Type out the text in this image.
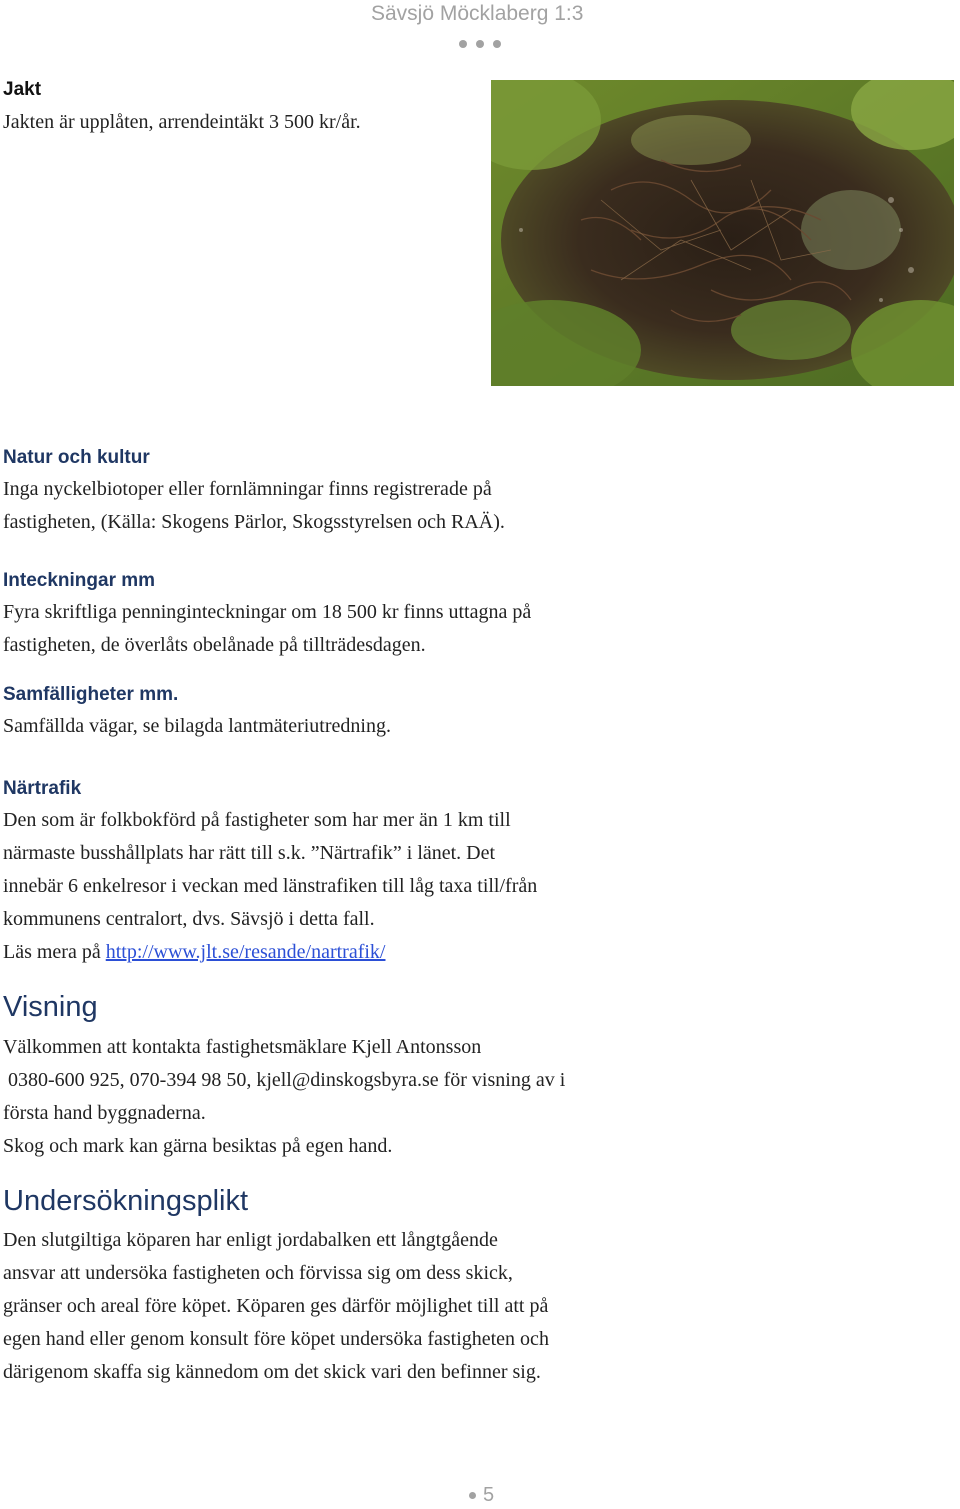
Sävsjö Möcklaberg 1:3
Jakt

Jakten är upplåten, arrendeintäkt 3 500 kr/år.

Natur och kultur

Inga nyckelbiotoper eller fornlämningar finns registrerade på
fastigheten, (Källa: Skogens Pärlor, Skogsstyrelsen och RAÄ).

Inteckningar mm

Fyra skriftliga penninginteckningar om 18 500 kr finns uttagna på
fastigheten, de överlåts obelånade på tillträdesdagen.

Samfälligheter mm.

Samfällda vägar, se bilagda lantmäteriutredning.

Närtrafik

Den som är folkbokförd på fastigheter som har mer än 1 km till
närmaste busshållplats har rätt till s.k. ”Närtrafik” i länet. Det
innebär 6 enkelresor i veckan med länstrafiken till låg taxa till/från
kommunens centralort, dvs. Sävsjö i detta fall.
Läs mera på http://www.jlt.se/resande/nartrafik/

Visning

Välkommen att kontakta fastighetsmäklare Kjell Antonsson
0380-600 925, 070-394 98 50, kjell@dinskogsbyra.se för visning av i
första hand byggnaderna.
Skog och mark kan gärna besiktas på egen hand.

Undersökningsplikt

Den slutgiltiga köparen har enligt jordabalken ett långtgående
ansvar att undersöka fastigheten och förvissa sig om dess skick,
gränser och areal före köpet. Köparen ges därför möjlighet till att på
egen hand eller genom konsult före köpet undersöka fastigheten och
därigenom skaffa sig kännedom om det skick vari den befinner sig.

5
